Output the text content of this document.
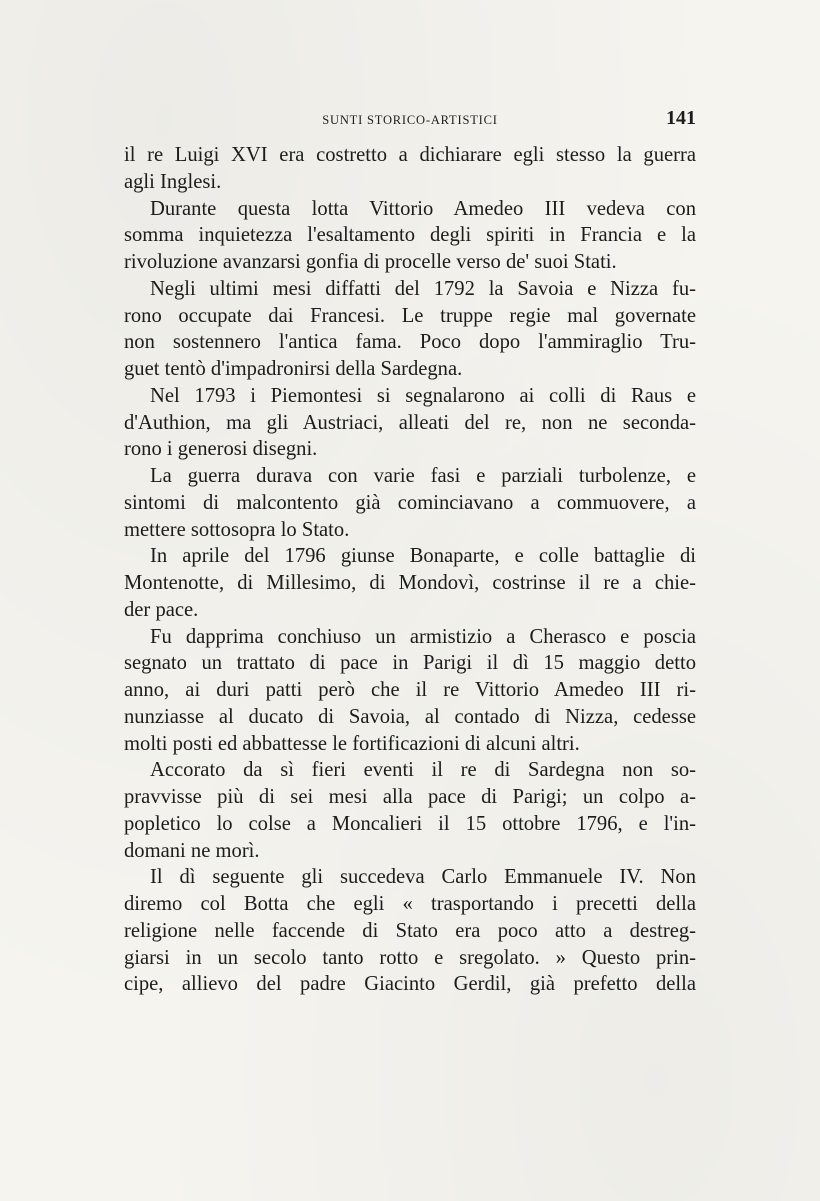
SUNTI STORICO-ARTISTICI	141
il re Luigi XVI era costretto a dichiarare egli stesso la guerra
agli Inglesi.
Durante questa lotta Vittorio Amedeo III vedeva con
somma inquietezza l'esaltamento degli spiriti in Francia e la
rivoluzione avanzarsi gonfia di procelle verso de' suoi Stati.
Negli ultimi mesi diffatti del 1792 la Savoia e Nizza fu-
rono occupate dai Francesi. Le truppe regie mal governate
non sostennero l'antica fama. Poco dopo l'ammiraglio Tru-
guet tentò d'impadronirsi della Sardegna.
Nel 1793 i Piemontesi si segnalarono ai colli di Raus e
d'Authion, ma gli Austriaci, alleati del re, non ne seconda-
rono i generosi disegni.
La guerra durava con varie fasi e parziali turbolenze, e
sintomi di malcontento già cominciavano a commuovere, a
mettere sottosopra lo Stato.
In aprile del 1796 giunse Bonaparte, e colle battaglie di
Montenotte, di Millesimo, di Mondovì, costrinse il re a chie-
der pace.
Fu dapprima conchiuso un armistizio a Cherasco e poscia
segnato un trattato di pace in Parigi il dì 15 maggio detto
anno, ai duri patti però che il re Vittorio Amedeo III ri-
nunziasse al ducato di Savoia, al contado di Nizza, cedesse
molti posti ed abbattesse le fortificazioni di alcuni altri.
Accorato da sì fieri eventi il re di Sardegna non so-
pravvisse più di sei mesi alla pace di Parigi; un colpo a-
popletico lo colse a Moncalieri il 15 ottobre 1796, e l'in-
domani ne morì.
Il dì seguente gli succedeva Carlo Emmanuele IV. Non
diremo col Botta che egli « trasportando i precetti della
religione nelle faccende di Stato era poco atto a destreg-
giarsi in un secolo tanto rotto e sregolato. » Questo prin-
cipe, allievo del padre Giacinto Gerdil, già prefetto della
